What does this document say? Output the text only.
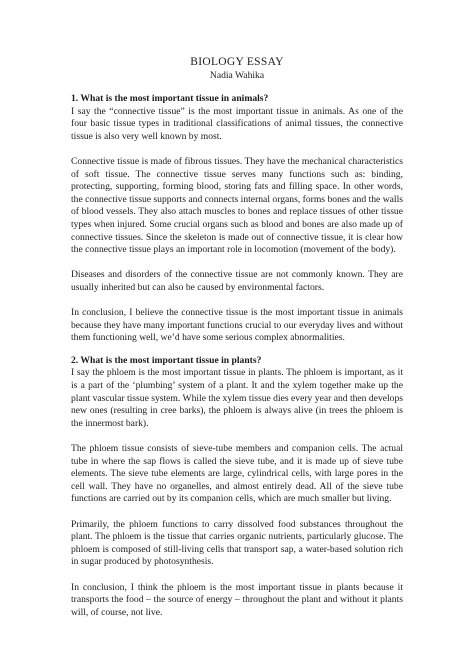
BIOLOGY ESSAY
Nadia Wahika
1. What is the most important tissue in animals?

I say the “connective tissue” is the most important tissue in animals. As one of the four basic tissue types in traditional classifications of animal tissues, the connective tissue is also very well known by most.

Connective tissue is made of fibrous tissues. They have the mechanical characteristics of soft tissue. The connective tissue serves many functions such as: binding, protecting, supporting, forming blood, storing fats and filling space. In other words, the connective tissue supports and connects internal organs, forms bones and the walls of blood vessels. They also attach muscles to bones and replace tissues of other tissue types when injured. Some crucial organs such as blood and bones are also made up of connective tissues. Since the skeleton is made out of connective tissue, it is clear how the connective tissue plays an important role in locomotion (movement of the body).

Diseases and disorders of the connective tissue are not commonly known. They are usually inherited but can also be caused by environmental factors.

In conclusion, I believe the connective tissue is the most important tissue in animals because they have many important functions crucial to our everyday lives and without them functioning well, we’d have some serious complex abnormalities.

2. What is the most important tissue in plants?

I say the phloem is the most important tissue in plants. The phloem is important, as it is a part of the ‘plumbing’ system of a plant. It and the xylem together make up the plant vascular tissue system. While the xylem tissue dies every year and then develops new ones (resulting in cree barks), the phloem is always alive (in trees the phloem is the innermost bark).

The phloem tissue consists of sieve-tube members and companion cells. The actual tube in where the sap flows is called the sieve tube, and it is made up of sieve tube elements. The sieve tube elements are large, cylindrical cells, with large pores in the cell wall. They have no organelles, and almost entirely dead. All of the sieve tube functions are carried out by its companion cells, which are much smaller but living.

Primarily, the phloem functions to carry dissolved food substances throughout the plant. The phloem is the tissue that carries organic nutrients, particularly glucose. The phloem is composed of still-living cells that transport sap, a water-based solution rich in sugar produced by photosynthesis.

In conclusion, I think the phloem is the most important tissue in plants because it transports the food – the source of energy – throughout the plant and without it plants will, of course, not live.
